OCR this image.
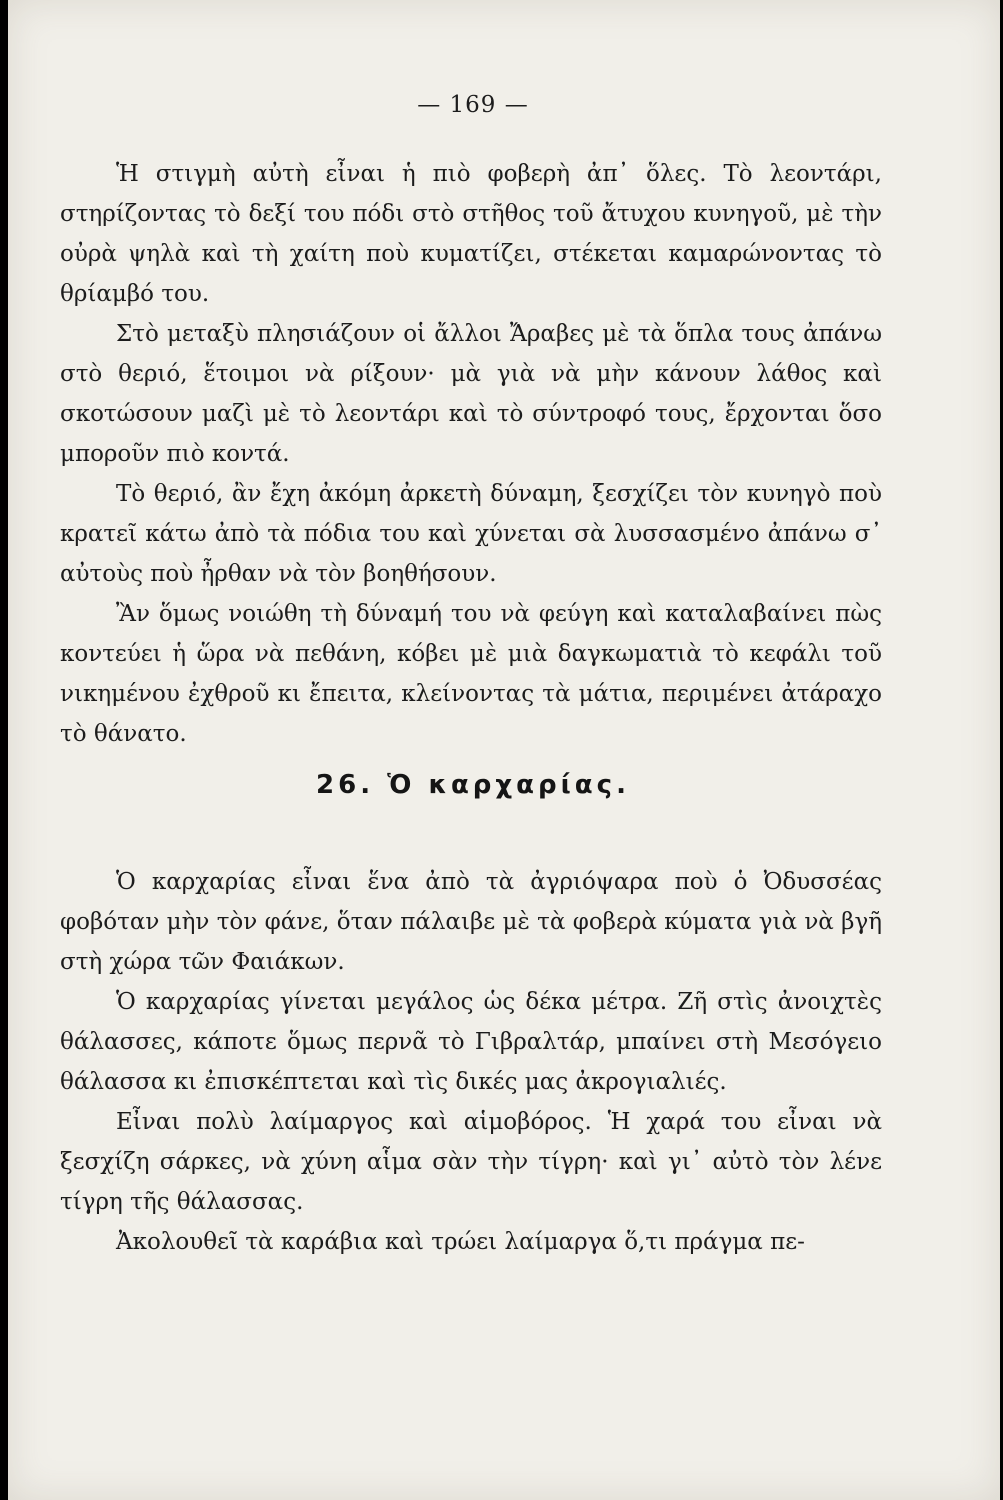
— 169 —

Ἡ στιγμὴ αὐτὴ εἶναι ἡ πιὸ φοβερὴ ἀπ᾽ ὅλες. Τὸ λεοντάρι, στηρίζοντας τὸ δεξί του πόδι στὸ στῆθος τοῦ ἄτυχου κυνηγοῦ, μὲ τὴν οὐρὰ ψηλὰ καὶ τὴ χαίτη ποὺ κυματίζει, στέκεται καμαρώνοντας τὸ θρίαμβό του.

Στὸ μεταξὺ πλησιάζουν οἱ ἄλλοι Ἄραβες μὲ τὰ ὅπλα τους ἀπάνω στὸ θεριό, ἕτοιμοι νὰ ρίξουν· μὰ γιὰ νὰ μὴν κάνουν λάθος καὶ σκοτώσουν μαζὶ μὲ τὸ λεοντάρι καὶ τὸ σύντροφό τους, ἔρχονται ὅσο μποροῦν πιὸ κοντά.

Τὸ θεριό, ἂν ἔχη ἀκόμη ἀρκετὴ δύναμη, ξεσχίζει τὸν κυνηγὸ ποὺ κρατεῖ κάτω ἀπὸ τὰ πόδια του καὶ χύνεται σὰ λυσσασμένο ἀπάνω σ᾽ αὐτοὺς ποὺ ἦρθαν νὰ τὸν βοηθήσουν.

Ἂν ὅμως νοιώθη τὴ δύναμή του νὰ φεύγη καὶ καταλαβαίνει πὼς κοντεύει ἡ ὥρα νὰ πεθάνη, κόβει μὲ μιὰ δαγκωματιὰ τὸ κεφάλι τοῦ νικημένου ἐχθροῦ κι ἔπειτα, κλείνοντας τὰ μάτια, περιμένει ἀτάραχο τὸ θάνατο.

26. Ὁ καρχαρίας.

Ὁ καρχαρίας εἶναι ἕνα ἀπὸ τὰ ἀγριόψαρα ποὺ ὁ Ὀδυσσέας φοβόταν μὴν τὸν φάνε, ὅταν πάλαιβε μὲ τὰ φοβερὰ κύματα γιὰ νὰ βγῆ στὴ χώρα τῶν Φαιάκων.

Ὁ καρχαρίας γίνεται μεγάλος ὡς δέκα μέτρα. Ζῆ στὶς ἀνοιχτὲς θάλασσες, κάποτε ὅμως περνᾶ τὸ Γιβραλτάρ, μπαίνει στὴ Μεσόγειο θάλασσα κι ἐπισκέπτεται καὶ τὶς δικές μας ἀκρογιαλιές.

Εἶναι πολὺ λαίμαργος καὶ αἱμοβόρος. Ἡ χαρά του εἶναι νὰ ξεσχίζη σάρκες, νὰ χύνη αἷμα σὰν τὴν τίγρη· καὶ γι᾽ αὐτὸ τὸν λένε τίγρη τῆς θάλασσας.

Ἀκολουθεῖ τὰ καράβια καὶ τρώει λαίμαργα ὅ,τι πράγμα πε-
